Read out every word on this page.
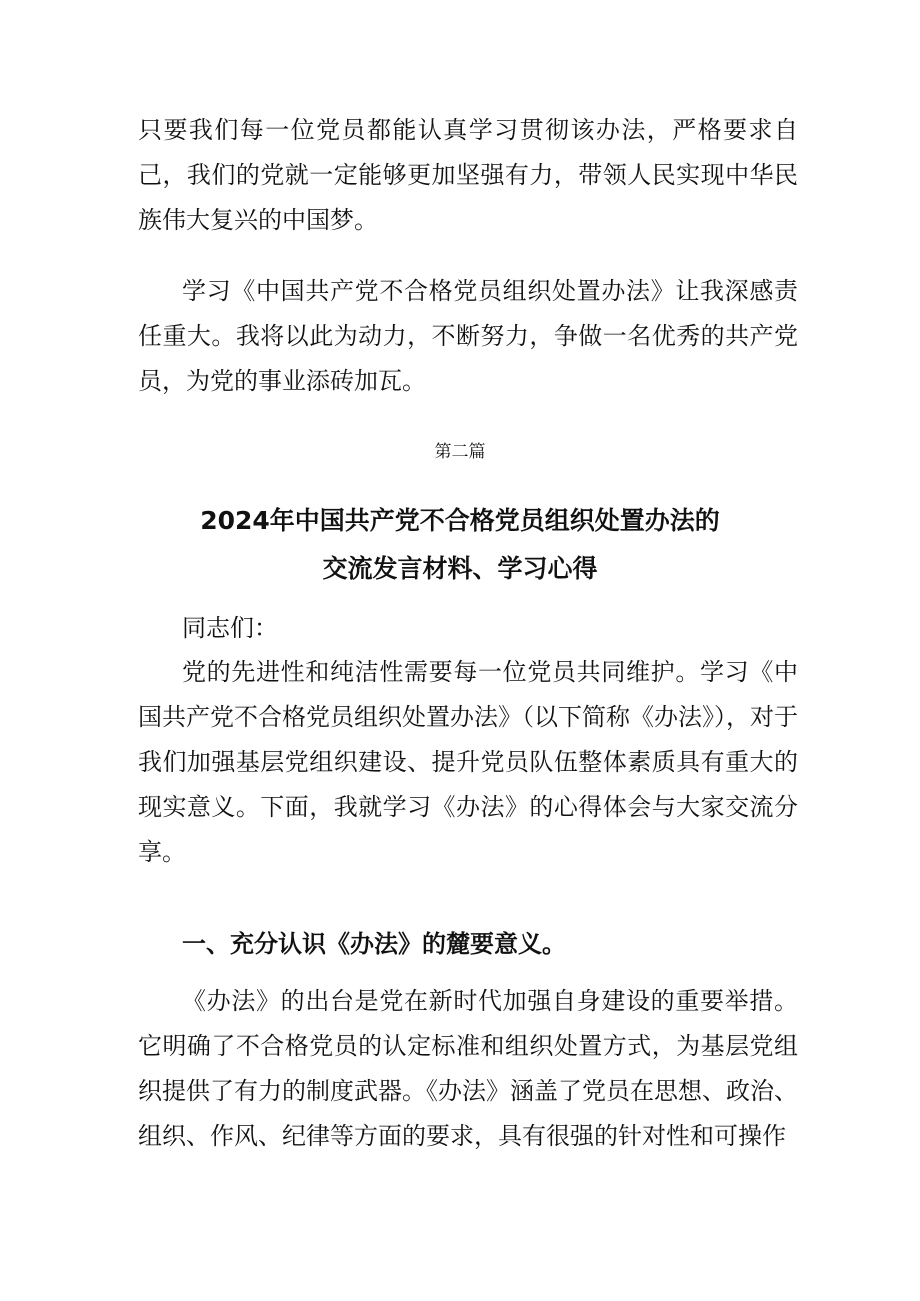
只要我们每一位党员都能认真学习贯彻该办法，严格要求自己，我们的党就一定能够更加坚强有力，带领人民实现中华民族伟大复兴的中国梦。

学习《中国共产党不合格党员组织处置办法》让我深感责任重大。我将以此为动力，不断努力，争做一名优秀的共产党员，为党的事业添砖加瓦。

第二篇

2024年中国共产党不合格党员组织处置办法的
交流发言材料、学习心得

同志们：

党的先进性和纯洁性需要每一位党员共同维护。学习《中国共产党不合格党员组织处置办法》（以下简称《办法》），对于我们加强基层党组织建设、提升党员队伍整体素质具有重大的现实意义。下面，我就学习《办法》的心得体会与大家交流分享。

一、充分认识《办法》的麓要意义。

《办法》的出台是党在新时代加强自身建设的重要举措。它明确了不合格党员的认定标准和组织处置方式，为基层党组织提供了有力的制度武器。《办法》涵盖了党员在思想、政治、组织、作风、纪律等方面的要求，具有很强的针对性和可操作
